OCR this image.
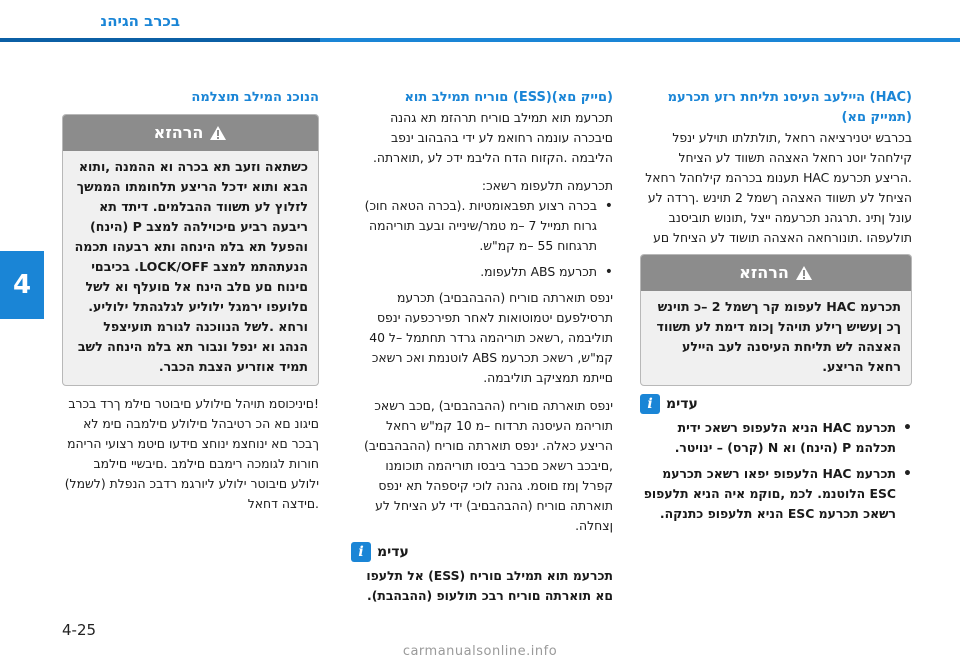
בכרב הגיהנ
4
(HAC) היילעב העיסנ תליחת רזע תכרעמ (תמייק םא)

בכרבש יטנירציאה רחאל ,תולתלתו תוילע ינפל קילחהל יוטנ רחאל האצהה תשווד לע הציחל .הריצע תכרעמ HAC תענומ בכרהמ קילחהל רחאל הציחל לע תשווד האצהה ךשמל 2 תוינש .ךרדה לע עונל ןתינ .תרגהנ תכרעמה ייצל ,תונוש תוביסנב תולעפהו .תונורחאה האצהה תושוד לע הציחל םע

הרהזא
תכרעמ HAC לעפומ קר ךשמל 2 –כ תוינש ךכ ןעשיש ךילע תויהל ןכומ דימת לע תשווד האצהה לש תליחת העיסנה לעב היילע רחאל הריצע.
i עדימ
• תכרעמ HAC הניא הלעפופ רשאכ ידית תכלהמ P (הינח) וא N (קרס) – ינויטר.
• תכרעמ HAC הלעפופ יפאו רשאכ תכרעמ ESC הלוטנמ. לכמ ,םוקמ איה הניא תלעפופ רשאכ תכרעמ ESC הניא תלעפופ כתנקה.
(םייק םא)(ESS) םוריח תמילב תוא

תכרעמ תוא תמילב םוריח תרהזמ תא גהנה םיבכרה עונמה רחואמ לע ידי בהבהוב ינפב הליבמה .הקזוח הדח הליבמ ידכ לע ,תוארתה.

תכרעמה תלעפומ רשאכ:

• בכרה רצוע תפבאומטיות .(בכרה הטאה חוכ) גרוח תמייל 7 –מ טמר/שינייה ובעב תוריהמה תרגחוח 55 –מ קמ"ש.
• תכרעמ ABS תלעפומ.

ינפס תוארתה םוריח (ההבהבםיב) תכרעמ תרסילפעם יטמוטואות לאחר תפירכפעה ינפס תוליבמה ,רשאכ תוריהמה גרדר תחתמל –ל 40 קמ"ש, רשאכ תכרעמ ABS לוטנמת ואכ רשאכ םייתמ תמציקב תוליבמה.

ינפס תוארתה םוריח (ההבהבםיב) ,םכב רשאכ תוריהמ העיסנה תרדוח –מ 10 קמ"ש רחאל הריצע כאלה. ינפס תוארתה םוריח (ההבהבםיב) ,םיבכב רשאכ םכבר ביבסו תוריהמה תוכומנו קפרל ןמז םוסמ. גהנה לוכי קיספהל תא ינפס תוארתה םוריח (ההבהבםיב) ידי לע הציחל לע ןצחלה.

i עדימ

תכרעמ תוא תמילב םוריח (ESS) אל תלעפו םא תוארתה םוריח רבכ תולעופ (ההבהבת).

הנוכנ המילב תוצלמה
הרהזא
כשתאה וזעב תא בכרה וא ההמנה ,ותוא הבא ותוא ידכל הריצע תלחומתו הממשך לזלוץ לע תשווד ההבלמים. דיתד תא ריבעה רביע םיכוילהה למצב P (הינח) והפעל תא בלמ הינחה ותא רבעהו תכמה הנעתהתמ למצב LOCK/OFF. בכיבםי םינוח םע םלב הינח אל םועלף וא לשל םלועפו ירמגל ילוליע לגלגהתל ילוליע. ורחא .לשל הנווכנה לגורמ תועיצפל הנהג וא ינפל ונבור תא בלמ הינחה לשב תמיד אוזריע הצבת הכבר.

!םיניכוסמ תויהל םילולע םיבוטר םילמ ךרד בכרב םיגונ םא הכ רטיבהל םילולע םילמבה םימ לא ךבכר םא ינוחצמ ינוחצ םידעו םיטמ רצועי הריהמ חורות לגומכה רימבם םילמב .םיבשיי םילמב ילולע םיבוטר ילולע ליורגמ רדבכ הנפלת (לשמל) .םידצה דחאל

4-25
carmanualsonline.info
